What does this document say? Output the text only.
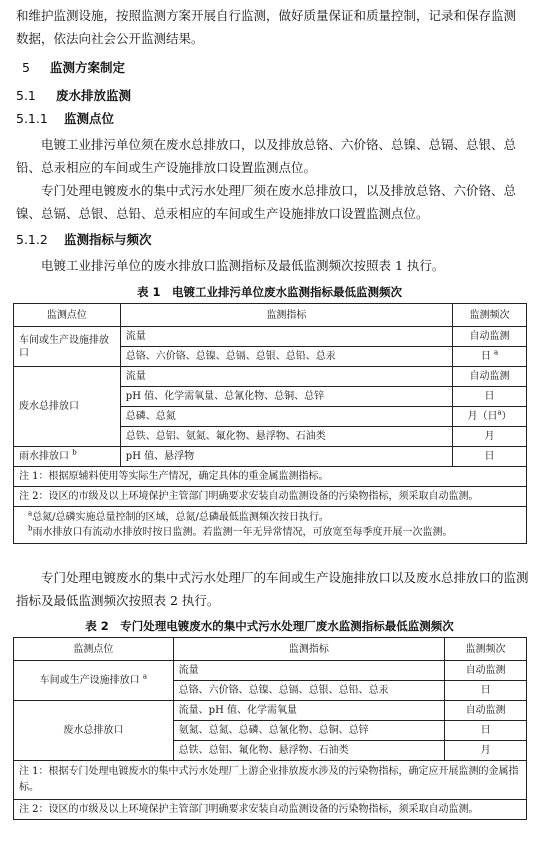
和维护监测设施，按照监测方案开展自行监测，做好质量保证和质量控制，记录和保存监测
数据，依法向社会公开监测结果。

5 监测方案制定

5.1 废水排放监测

5.1.1 监测点位

电镀工业排污单位须在废水总排放口，以及排放总铬、六价铬、总镍、总镉、总银、总铅、总汞相应的车间或生产设施排放口设置监测点位。

专门处理电镀废水的集中式污水处理厂须在废水总排放口，以及排放总铬、六价铬、总镍、总镉、总银、总铅、总汞相应的车间或生产设施排放口设置监测点位。

5.1.2 监测指标与频次

电镀工业排污单位的废水排放口监测指标及最低监测频次按照表 1 执行。

表 1　电镀工业排污单位废水监测指标最低监测频次

监测点位	监测指标	监测频次
车间或生产设施排放口	流量	自动监测
	总铬、六价铬、总镍、总镉、总银、总铅、总汞	日 $^a$
废水总排放口	流量	自动监测
	pH 值、化学需氧量、总氰化物、总铜、总锌	日
	总磷、总氮	月（日$^a$）
	总铁、总铝、氨氮、氟化物、悬浮物、石油类	月
雨水排放口 $^b$	pH 值、悬浮物	日
注 1：根据原辅料使用等实际生产情况，确定具体的重金属监测指标。		
注 2：设区的市级及以上环境保护主管部门明确要求安装自动监测设备的污染物指标，须采取自动监测。		
$^a$总氮/总磷实施总量控制的区域，总氮/总磷最低监测频次按日执行。
$^b$雨水排放口有流动水排放时按日监测。若监测一年无异常情况，可放宽至每季度开展一次监测。		

专门处理电镀废水的集中式污水处理厂的车间或生产设施排放口以及废水总排放口的监测指标及最低监测频次按照表 2 执行。

表 2　专门处理电镀废水的集中式污水处理厂废水监测指标最低监测频次

监测点位	监测指标	监测频次
车间或生产设施排放口 $^a$	流量	自动监测
	总铬、六价铬、总镍、总镉、总银、总铅、总汞	日
废水总排放口	流量、pH 值、化学需氧量	自动监测
	氨氮、总氮、总磷、总氰化物、总铜、总锌	日
	总铁、总铝、氟化物、悬浮物、石油类	月
注 1：根据专门处理电镀废水的集中式污水处理厂上游企业排放废水涉及的污染物指标，确定应开展监测的金属指标。		
注 2：设区的市级及以上环境保护主管部门明确要求安装自动监测设备的污染物指标，须采取自动监测。		
